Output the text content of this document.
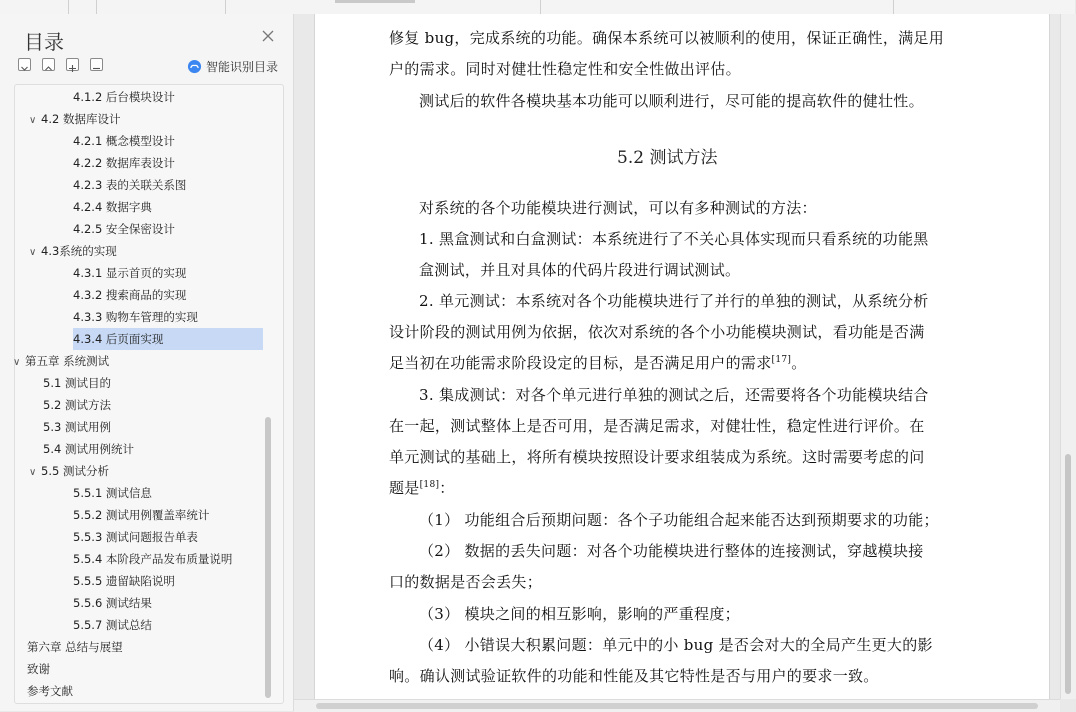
目录
智能识别目录
4.1.2 后台模块设计
∨ 4.2 数据库设计
4.2.1 概念模型设计
4.2.2 数据库表设计
4.2.3 表的关联关系图
4.2.4 数据字典
4.2.5 安全保密设计
∨ 4.3系统的实现
4.3.1 显示首页的实现
4.3.2 搜索商品的实现
4.3.3 购物车管理的实现
4.3.4 后页面实现
∨ 第五章 系统测试
5.1 测试目的
5.2 测试方法
5.3 测试用例
5.4 测试用例统计
∨ 5.5 测试分析
5.5.1 测试信息
5.5.2 测试用例覆盖率统计
5.5.3 测试问题报告单表
5.5.4 本阶段产品发布质量说明
5.5.5 遗留缺陷说明
5.5.6 测试结果
5.5.7 测试总结
第六章 总结与展望
致谢
参考文献
修复 bug，完成系统的功能。确保本系统可以被顺利的使用，保证正确性，满足用
户的需求。同时对健壮性稳定性和安全性做出评估。
测试后的软件各模块基本功能可以顺利进行，尽可能的提高软件的健壮性。
5.2 测试方法
对系统的各个功能模块进行测试，可以有多种测试的方法：
1. 黑盒测试和白盒测试：本系统进行了不关心具体实现而只看系统的功能黑
盒测试，并且对具体的代码片段进行调试测试。
2. 单元测试：本系统对各个功能模块进行了并行的单独的测试，从系统分析
设计阶段的测试用例为依据，依次对系统的各个小功能模块测试，看功能是否满
足当初在功能需求阶段设定的目标，是否满足用户的需求[17]。
3. 集成测试：对各个单元进行单独的测试之后，还需要将各个功能模块结合
在一起，测试整体上是否可用，是否满足需求，对健壮性，稳定性进行评价。在
单元测试的基础上，将所有模块按照设计要求组装成为系统。这时需要考虑的问
题是[18]：
（1） 功能组合后预期问题：各个子功能组合起来能否达到预期要求的功能；
（2） 数据的丢失问题：对各个功能模块进行整体的连接测试，穿越模块接
口的数据是否会丢失；
（3） 模块之间的相互影响，影响的严重程度；
（4） 小错误大积累问题：单元中的小 bug 是否会对大的全局产生更大的影
响。确认测试验证软件的功能和性能及其它特性是否与用户的要求一致。
